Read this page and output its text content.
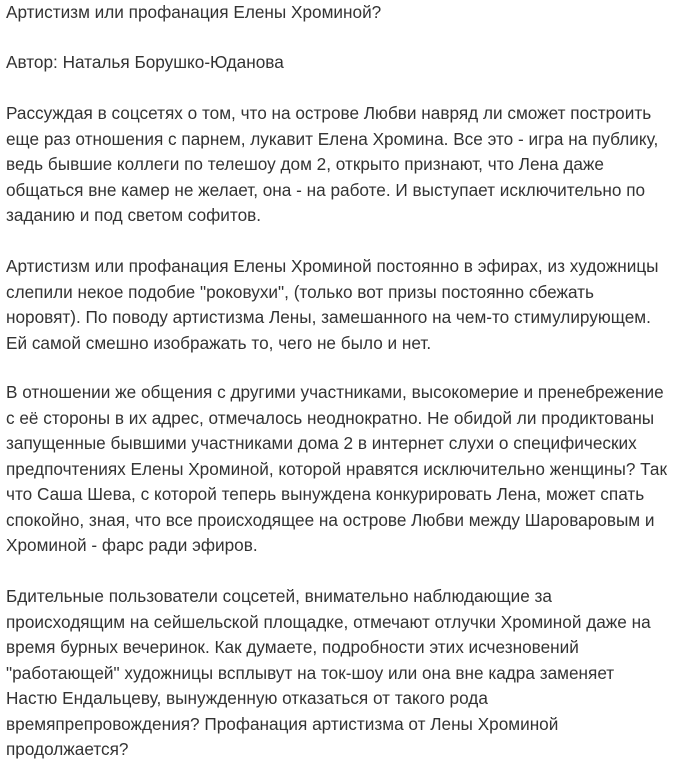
Артистизм или профанация Елены Хроминой?

Автор: Наталья Борушко-Юданова

Рассуждая в соцсетях о том, что на острове Любви навряд ли сможет построить
еще раз отношения с парнем, лукавит Елена Хромина. Все это - игра на публику,
ведь бывшие коллеги по телешоу дом 2, открыто признают, что Лена даже
общаться вне камер не желает, она - на работе. И выступает исключительно по
заданию и под светом софитов.

Артистизм или профанация Елены Хроминой постоянно в эфирах, из художницы
слепили некое подобие "роковухи", (только вот призы постоянно сбежать
норовят). По поводу артистизма Лены, замешанного на чем-то стимулирующем.
Ей самой смешно изображать то, чего не было и нет.

В отношении же общения с другими участниками, высокомерие и пренебрежение
с её стороны в их адрес, отмечалось неоднократно. Не обидой ли продиктованы
запущенные бывшими участниками дома 2 в интернет слухи о специфических
предпочтениях Елены Хроминой, которой нравятся исключительно женщины? Так
что Саша Шева, с которой теперь вынуждена конкурировать Лена, может спать
спокойно, зная, что все происходящее на острове Любви между Шароваровым и
Хроминой - фарс ради эфиров.

Бдительные пользователи соцсетей, внимательно наблюдающие за
происходящим на сейшельской площадке, отмечают отлучки Хроминой даже на
время бурных вечеринок. Как думаете, подробности этих исчезновений
"работающей" художницы всплывут на ток-шоу или она вне кадра заменяет
Настю Ендальцеву, вынужденную отказаться от такого рода
времяпрепровождения? Профанация артистизма от Лены Хроминой
продолжается?
